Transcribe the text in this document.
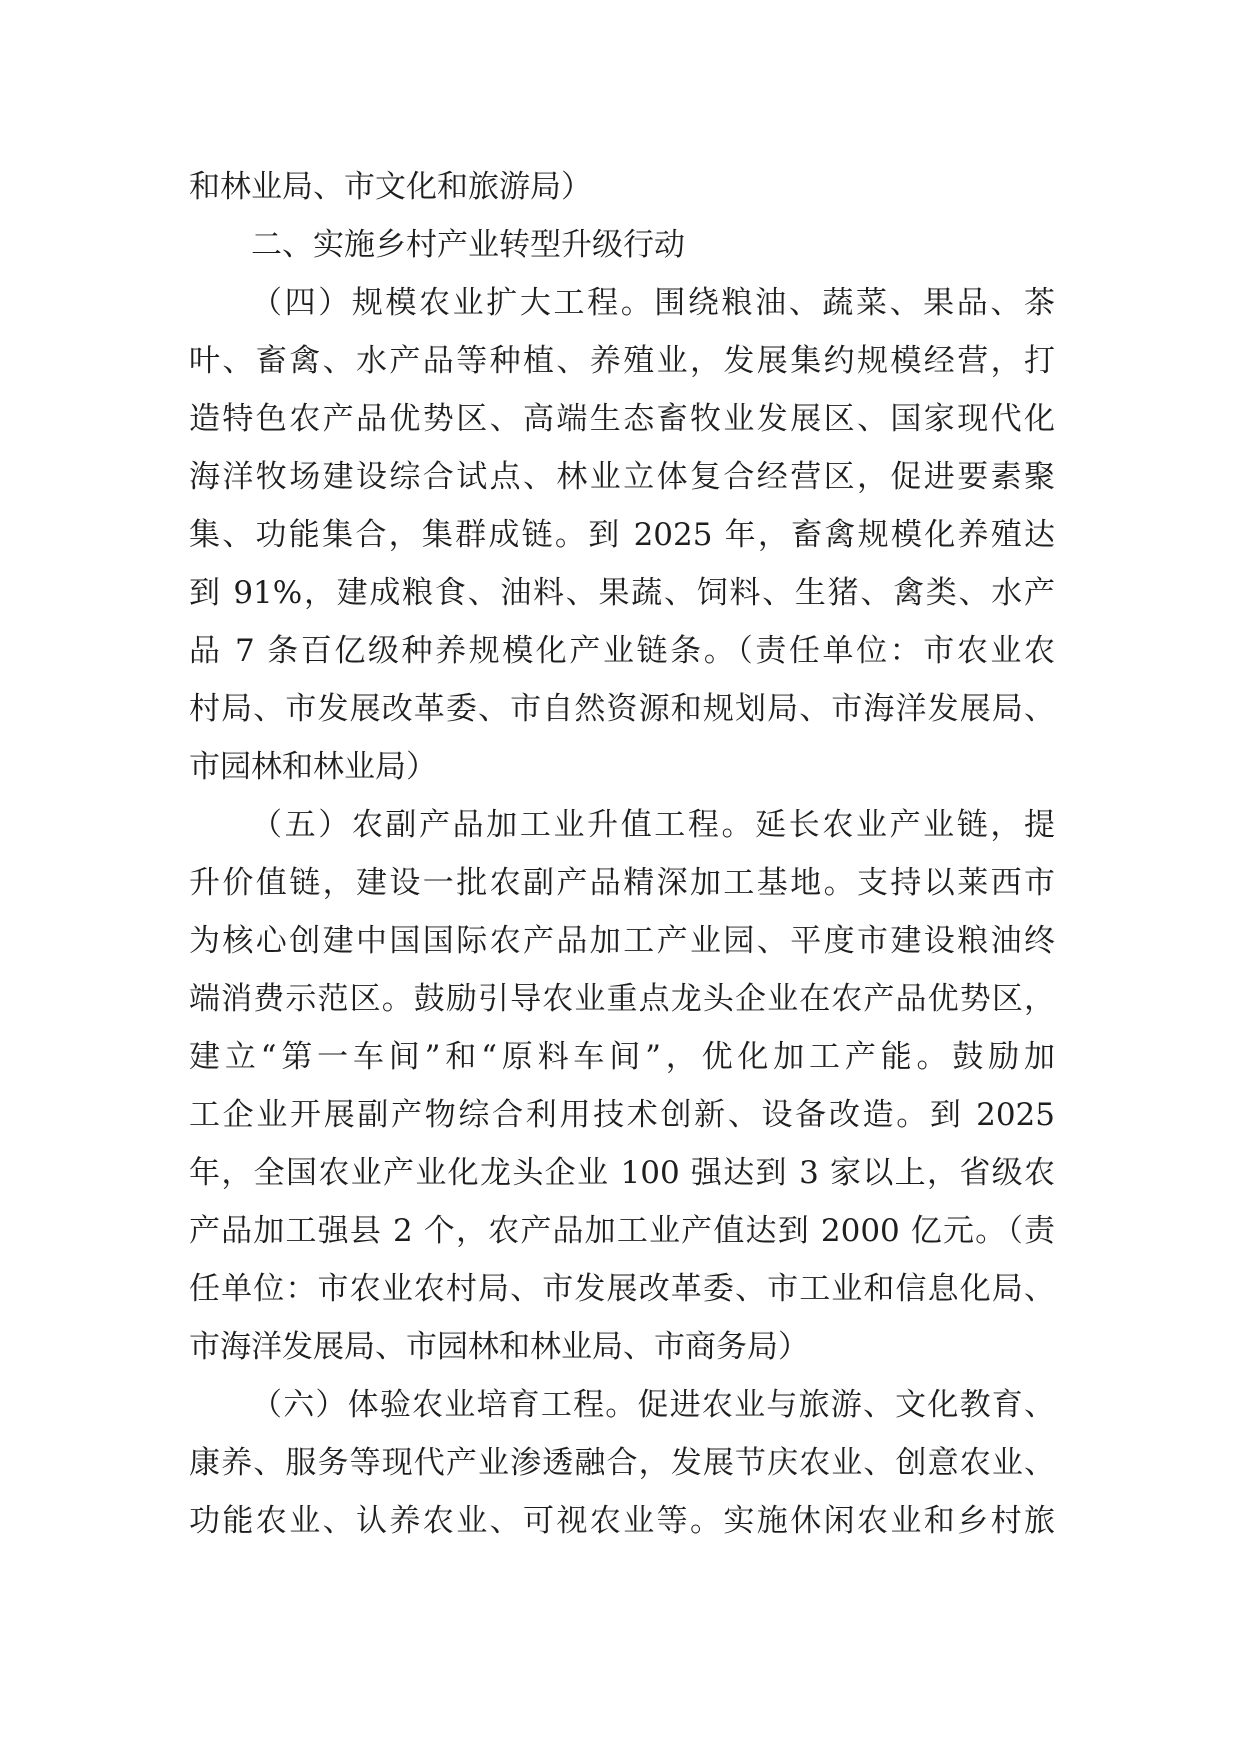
和林业局、市文化和旅游局）
二、实施乡村产业转型升级行动
（四）规模农业扩大工程。围绕粮油、蔬菜、果品、茶
叶、畜禽、水产品等种植、养殖业，发展集约规模经营，打
造特色农产品优势区、高端生态畜牧业发展区、国家现代化
海洋牧场建设综合试点、林业立体复合经营区，促进要素聚
集、功能集合，集群成链。到 2025 年，畜禽规模化养殖达
到 91%，建成粮食、油料、果蔬、饲料、生猪、禽类、水产
品 7 条百亿级种养规模化产业链条。（责任单位：市农业农
村局、市发展改革委、市自然资源和规划局、市海洋发展局、
市园林和林业局）
（五）农副产品加工业升值工程。延长农业产业链，提
升价值链，建设一批农副产品精深加工基地。支持以莱西市
为核心创建中国国际农产品加工产业园、平度市建设粮油终
端消费示范区。鼓励引导农业重点龙头企业在农产品优势区，
建立“第一车间”和“原料车间”，优化加工产能。鼓励加
工企业开展副产物综合利用技术创新、设备改造。到 2025
年，全国农业产业化龙头企业 100 强达到 3 家以上，省级农
产品加工强县 2 个，农产品加工业产值达到 2000 亿元。（责
任单位：市农业农村局、市发展改革委、市工业和信息化局、
市海洋发展局、市园林和林业局、市商务局）
（六）体验农业培育工程。促进农业与旅游、文化教育、
康养、服务等现代产业渗透融合，发展节庆农业、创意农业、
功能农业、认养农业、可视农业等。实施休闲农业和乡村旅
